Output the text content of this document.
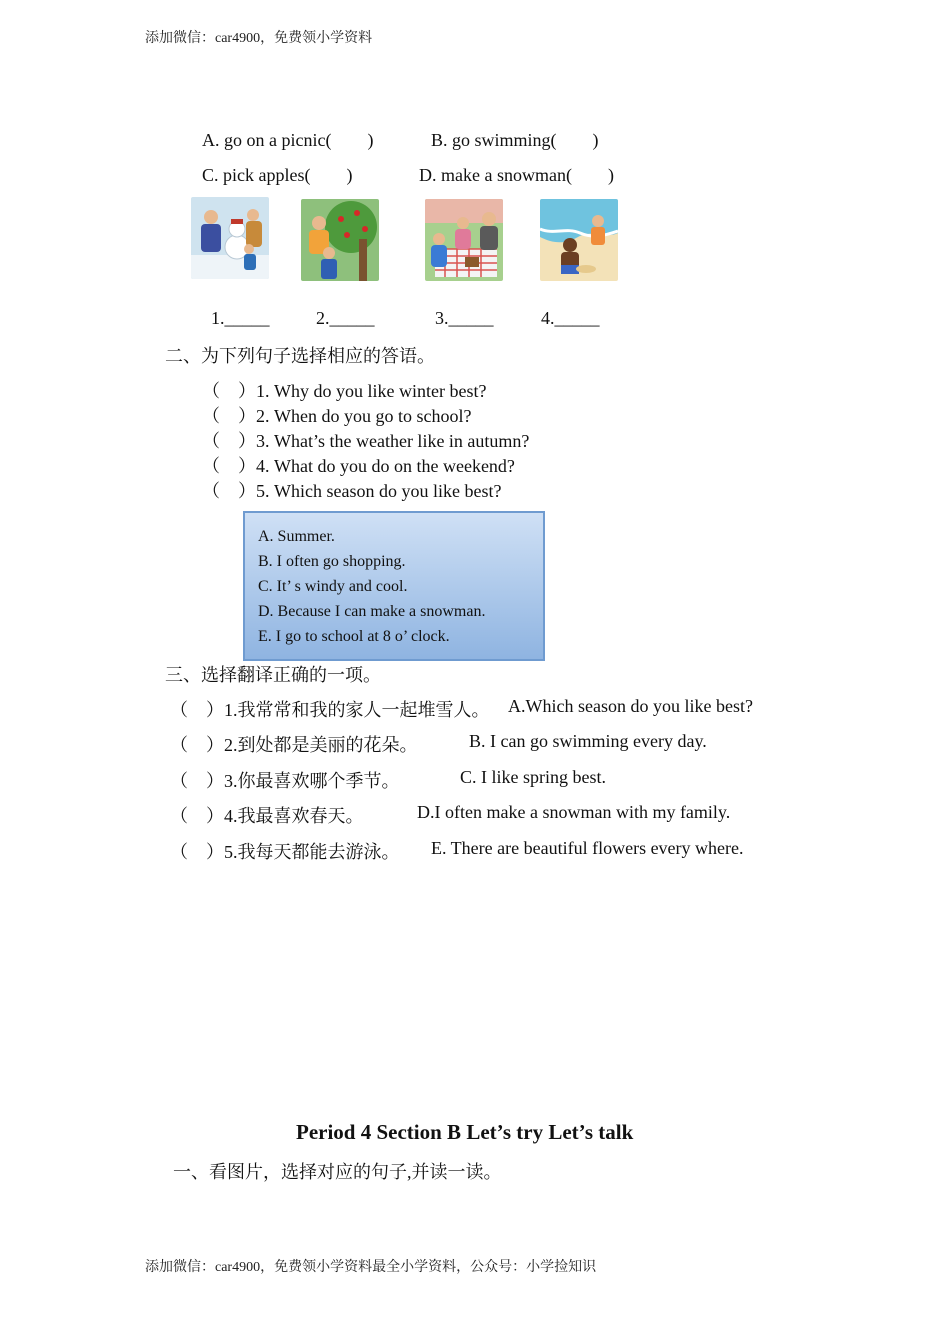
添加微信：car4900，免费领小学资料
A. go on a picnic(　　)	B. go swimming(　　)
C. pick apples(　　)	D. make a snowman(　　)
1._____	2._____	3._____	4._____
二、为下列句子选择相应的答语。
（　）1. Why do you like winter best?
（　）2. When do you go to school?
（　）3. What’s the weather like in autumn?
（　）4. What do you do on the weekend?
（　）5. Which season do you like best?
A. Summer.
B. I often go shopping.
C. It’ s windy and cool.
D. Because I can make a snowman.
E. I go to school at 8 o’ clock.
三、选择翻译正确的一项。
（　）1.我常常和我的家人一起堆雪人。 A.Which season do you like best?
（　）2.到处都是美丽的花朵。	B. I can go swimming every day.
（　）3.你最喜欢哪个季节。	C. I like spring best.
（　）4.我最喜欢春天。	D.I often make a snowman with my family.
（　）5.我每天都能去游泳。 E. There are beautiful flowers every where.
Period 4 Section B Let’s try Let’s talk
一、看图片，选择对应的句子,并读一读。
添加微信：car4900，免费领小学资料最全小学资料，公众号：小学捡知识
